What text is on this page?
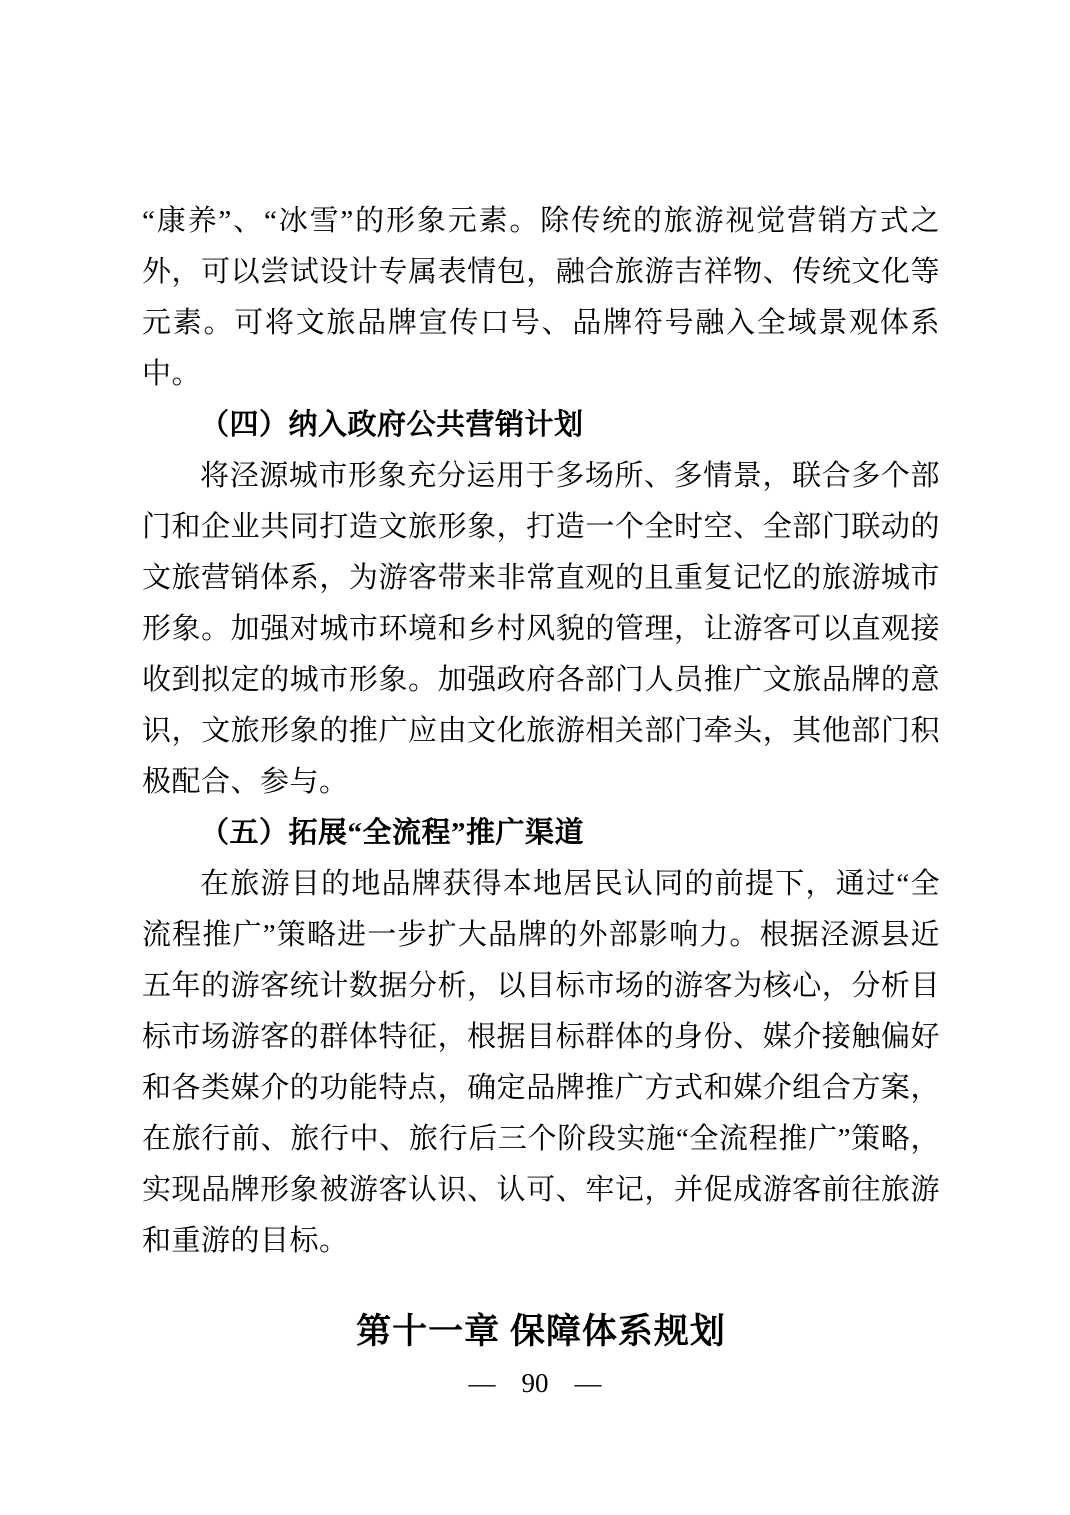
“康养”、“冰雪”的形象元素。除传统的旅游视觉营销方式之外，可以尝试设计专属表情包，融合旅游吉祥物、传统文化等元素。可将文旅品牌宣传口号、品牌符号融入全域景观体系中。

（四）纳入政府公共营销计划

将泾源城市形象充分运用于多场所、多情景，联合多个部门和企业共同打造文旅形象，打造一个全时空、全部门联动的文旅营销体系，为游客带来非常直观的且重复记忆的旅游城市形象。加强对城市环境和乡村风貌的管理，让游客可以直观接收到拟定的城市形象。加强政府各部门人员推广文旅品牌的意识，文旅形象的推广应由文化旅游相关部门牵头，其他部门积极配合、参与。

（五）拓展“全流程”推广渠道

在旅游目的地品牌获得本地居民认同的前提下，通过“全流程推广”策略进一步扩大品牌的外部影响力。根据泾源县近五年的游客统计数据分析，以目标市场的游客为核心，分析目标市场游客的群体特征，根据目标群体的身份、媒介接触偏好和各类媒介的功能特点，确定品牌推广方式和媒介组合方案，在旅行前、旅行中、旅行后三个阶段实施“全流程推广”策略，实现品牌形象被游客认识、认可、牢记，并促成游客前往旅游和重游的目标。

第十一章 保障体系规划
— 90 —
